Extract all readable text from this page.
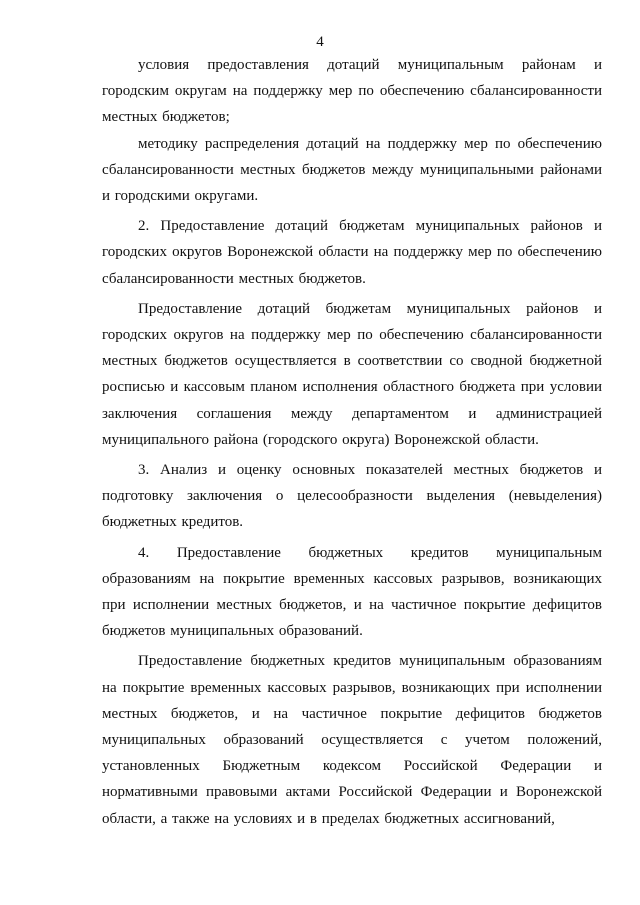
4

условия предоставления дотаций муниципальным районам и городским округам на поддержку мер по обеспечению сбалансированности местных бюджетов;

методику распределения дотаций на поддержку мер по обеспечению сбалансированности местных бюджетов между муниципальными районами и городскими округами.

2. Предоставление дотаций бюджетам муниципальных районов и городских округов Воронежской области на поддержку мер по обеспечению сбалансированности местных бюджетов.

Предоставление дотаций бюджетам муниципальных районов и городских округов на поддержку мер по обеспечению сбалансированности местных бюджетов осуществляется в соответствии со сводной бюджетной росписью и кассовым планом исполнения областного бюджета при условии заключения соглашения между департаментом и администрацией муниципального района (городского округа) Воронежской области.

3. Анализ и оценку основных показателей местных бюджетов и подготовку заключения о целесообразности выделения (невыделения) бюджетных кредитов.

4. Предоставление бюджетных кредитов муниципальным образованиям на покрытие временных кассовых разрывов, возникающих при исполнении местных бюджетов, и на частичное покрытие дефицитов бюджетов муниципальных образований.

Предоставление бюджетных кредитов муниципальным образованиям на покрытие временных кассовых разрывов, возникающих при исполнении местных бюджетов, и на частичное покрытие дефицитов бюджетов муниципальных образований осуществляется с учетом положений, установленных Бюджетным кодексом Российской Федерации и нормативными правовыми актами Российской Федерации и Воронежской области, а также на условиях и в пределах бюджетных ассигнований,
